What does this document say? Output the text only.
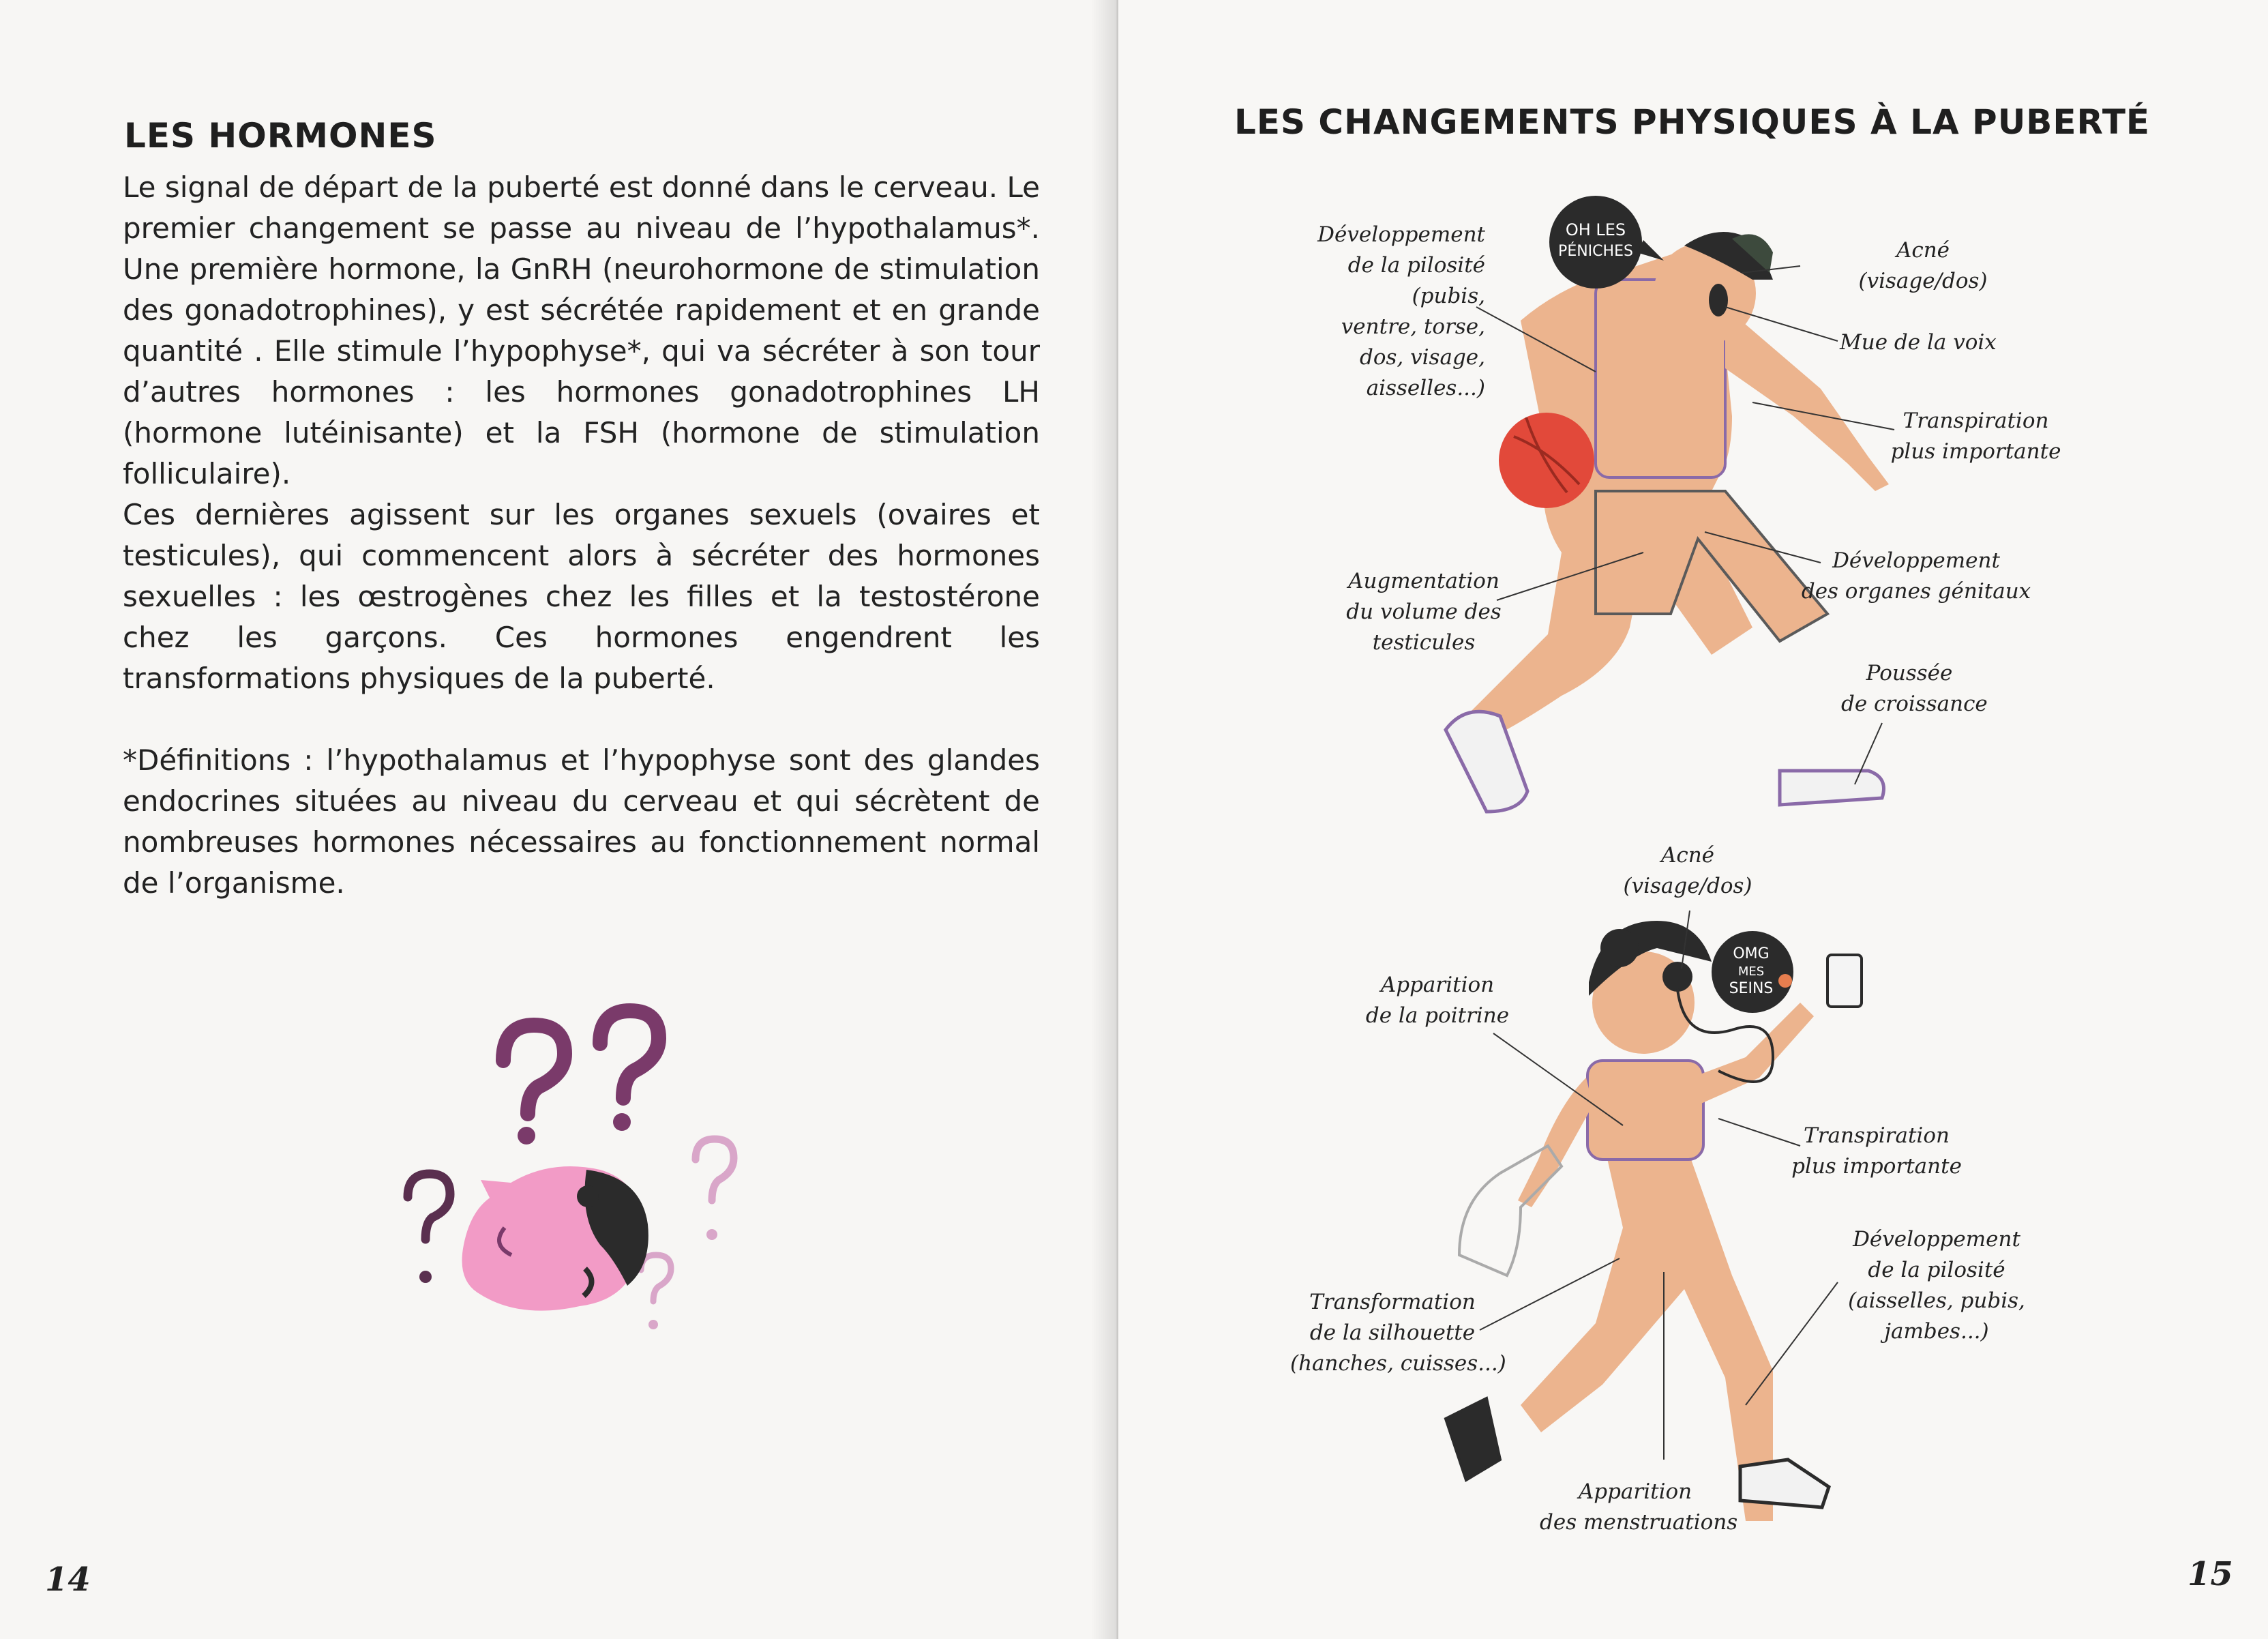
LES HORMONES

Le signal de départ de la puberté est donné dans le cerveau. Le premier changement se passe au niveau de l’hypothalamus*. Une première hormone, la GnRH (neurohormone de stimulation des gonadotrophines), y est sécrétée rapidement et en grande quantité . Elle stimule l’hypophyse*, qui va sécréter à son tour d’autres hormones : les hormones gonadotrophines LH (hormone lutéinisante) et la FSH (hormone de stimulation folliculaire).

Ces dernières agissent sur les organes sexuels (ovaires et testicules), qui commencent alors à sécréter des hormones sexuelles : les œstrogènes chez les filles et la testostérone chez les garçons. Ces hormones engendrent les transformations physiques de la puberté.

*Définitions : l’hypothalamus et l’hypophyse sont des glandes endocrines situées au niveau du cerveau et qui sécrètent de nombreuses hormones nécessaires au fonctionnement normal de l’organisme.

14
LES CHANGEMENTS PHYSIQUES À LA PUBERTÉ
OH LES
PÉNICHES
OMG
MES
SEINS
Développement
de la pilosité
(pubis,
ventre, torse,
dos, visage,
aisselles...)
Acné
(visage/dos)
Mue de la voix
Transpiration
plus importante
Développement
des organes génitaux
Augmentation
du volume des
testicules
Poussée
de croissance
Acné
(visage/dos)
Apparition
de la poitrine
Transpiration
plus importante
Développement
de la pilosité
(aisselles, pubis,
jambes...)
Transformation
de la silhouette
(hanches, cuisses...)
Apparition
des menstruations
15
